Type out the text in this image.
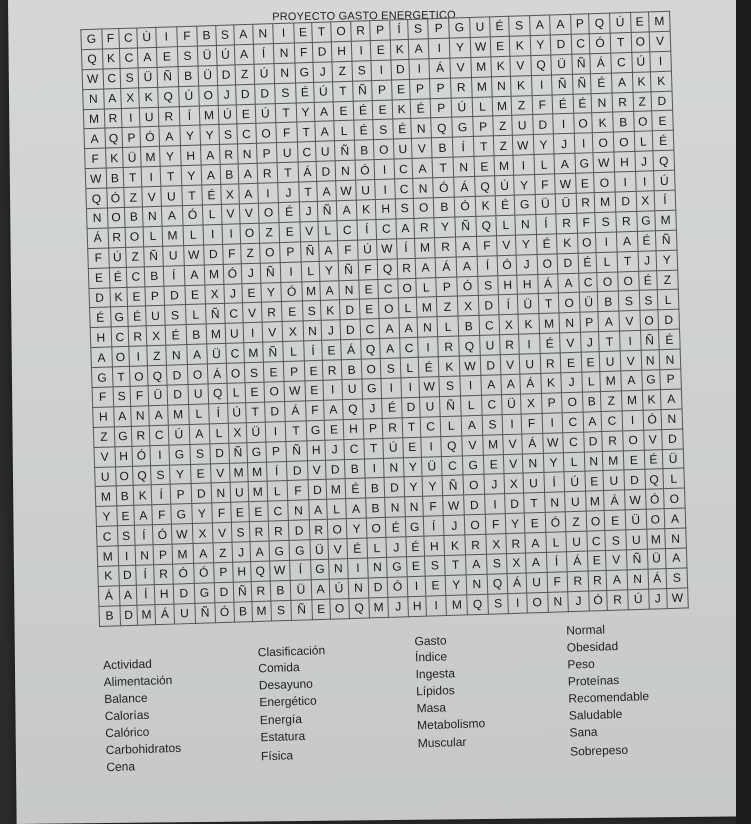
PROYECTO GASTO ENERGETICO
G	F	C	Ù	I	F	B	S	A	N	I	E	T	O	R	P	Í	S	P	G	U	É	S	A	A	P	Q	Ú	E	M
Q	K	C	A	E	S	Ü	Ú	A	Í	N	F	D	H	I	E	K	A	I	Y	W	E	K	Y	D	C	Ó	T	O	V
W	C	S	Ü	Ñ	B	Ü	D	Z	Ú	N	G	J	Z	S	I	D	I	Á	V	M	K	V	Q	Ü	Ñ	Á	C	Ú	I
N	A	X	K	Q	Ú	O	J	D	D	S	É	Ú	T	Ñ	P	E	P	P	R	M	N	K	I	Ñ	Ñ	É	A	K	K
M	R	I	U	R	Í	M	Ú	E	Ú	T	Y	A	E	É	E	K	É	P	Ú	L	M	Z	F	É	É	N	R	Z	D
A	Q	P	Ó	A	Y	Y	S	C	O	F	T	A	L	É	S	É	N	Q	G	P	Z	U	D	I	O	K	B	O	E
F	K	Ü	M	Y	H	A	R	N	P	U	C	U	Ñ	B	O	U	V	B	Í	T	Z	W	Y	J	I	O	O	L	É
W	B	T	I	T	Y	A	B	A	R	T	Á	D	N	Ó	I	C	A	T	N	E	M	I	L	A	G	W	H	J	Q
Q	Ó	Z	V	U	T	É	X	A	I	J	T	A	W	U	I	C	N	Ó	Á	Q	Ú	Y	F	W	E	O	I	I	Ú
N	O	B	N	A	Ó	L	V	V	O	É	J	Ñ	A	K	H	S	O	B	Ó	K	É	G	Ü	Ü	R	M	D	X	Í
Á	R	O	L	M	L	I	I	O	Z	E	V	L	C	Í	C	A	R	Y	Ñ	Q	L	N	Í	R	F	S	R	G	M
F	Ú	Z	Ñ	U	W	D	F	Z	O	P	Ñ	A	F	Ú	W	Í	M	R	A	F	V	Y	É	K	O	I	A	É	Ñ
E	É	C	B	Í	A	M	Ó	J	Ñ	I	L	Y	Ñ	F	Q	R	A	Á	A	Í	Ó	J	O	D	É	L	T	J	Y
D	K	E	P	D	E	X	J	E	Y	Ó	M	A	N	E	C	O	L	P	Ó	S	H	H	Á	A	C	O	O	É	Z
É	G	É	U	S	L	Ñ	C	V	R	E	S	K	D	E	O	L	M	Z	X	D	Í	Ü	T	O	Ü	B	S	S	L
H	C	R	X	É	B	M	U	I	V	X	N	J	D	C	A	A	N	L	B	C	X	K	M	N	P	A	V	O	D
A	O	I	Z	N	A	Ü	C	M	Ñ	L	Í	E	Á	Q	A	C	I	R	Q	U	R	I	É	V	J	T	I	Ñ	É
G	T	O	Q	D	O	Á	O	S	E	P	E	R	B	O	S	L	É	K	W	D	V	U	R	E	E	U	V	N	N
F	S	F	Ü	D	U	Q	L	E	O	W	E	I	U	G	I	I	W	S	I	A	A	Á	K	J	L	M	A	G	P
H	A	N	A	M	L	Í	Ú	T	D	Á	F	A	Q	J	É	D	U	Ñ	L	C	Ü	X	P	O	B	Z	M	K	A
Z	G	R	C	Ú	A	L	X	Ü	I	T	G	E	H	P	R	T	C	L	A	S	I	F	I	C	A	C	I	Ó	N
V	H	Ó	I	G	S	D	Ñ	G	P	Ñ	H	J	C	T	Ú	E	I	Q	V	M	V	Á	W	C	D	R	O	V	D
U	O	Q	S	Y	E	V	M	M	Í	D	V	D	B	I	N	Y	Ü	C	G	E	V	N	Y	L	N	M	E	É	Ü
M	B	K	Í	P	D	N	U	M	L	F	D	M	É	B	D	Y	Y	Ñ	O	J	X	U	Í	Ú	E	U	D	Q	L
Y	E	A	F	G	Y	F	E	E	C	N	A	L	A	B	N	N	F	W	D	I	D	T	N	U	M	Á	W	Ó	O
C	S	Í	Ó	W	X	V	S	R	R	D	R	O	Y	O	É	G	Í	J	O	F	Y	E	Ó	Z	O	E	Ü	O	A
M	I	N	P	M	A	Z	J	A	G	G	Ü	V	É	L	J	É	H	K	R	X	R	A	L	U	C	S	U	M	N
K	D	Í	R	Ó	Ó	P	H	Q	W	Í	G	N	I	N	G	E	S	T	A	S	X	A	Í	Á	E	V	Ñ	Ü	A
Á	A	Í	H	D	G	D	Ñ	R	B	Ü	A	Ú	N	D	Ó	I	E	Y	N	Q	Á	U	F	R	R	A	N	Á	S
B	D	M	Á	U	Ñ	Ó	B	M	S	Ñ	E	O	Q	M	J	H	I	M	Q	S	I	O	N	J	Ó	R	Ú	J	W
Actividad
Alimentación
Balance
Calorías
Calórico
Carbohidratos
Cena
Clasificación
Comida
Desayuno
Energético
Energía
Estatura
Física
Gasto
Índice
Ingesta
Lípidos
Masa
Metabolismo
Muscular
Normal
Obesidad
Peso
Proteínas
Recomendable
Saludable
Sana
Sobrepeso
